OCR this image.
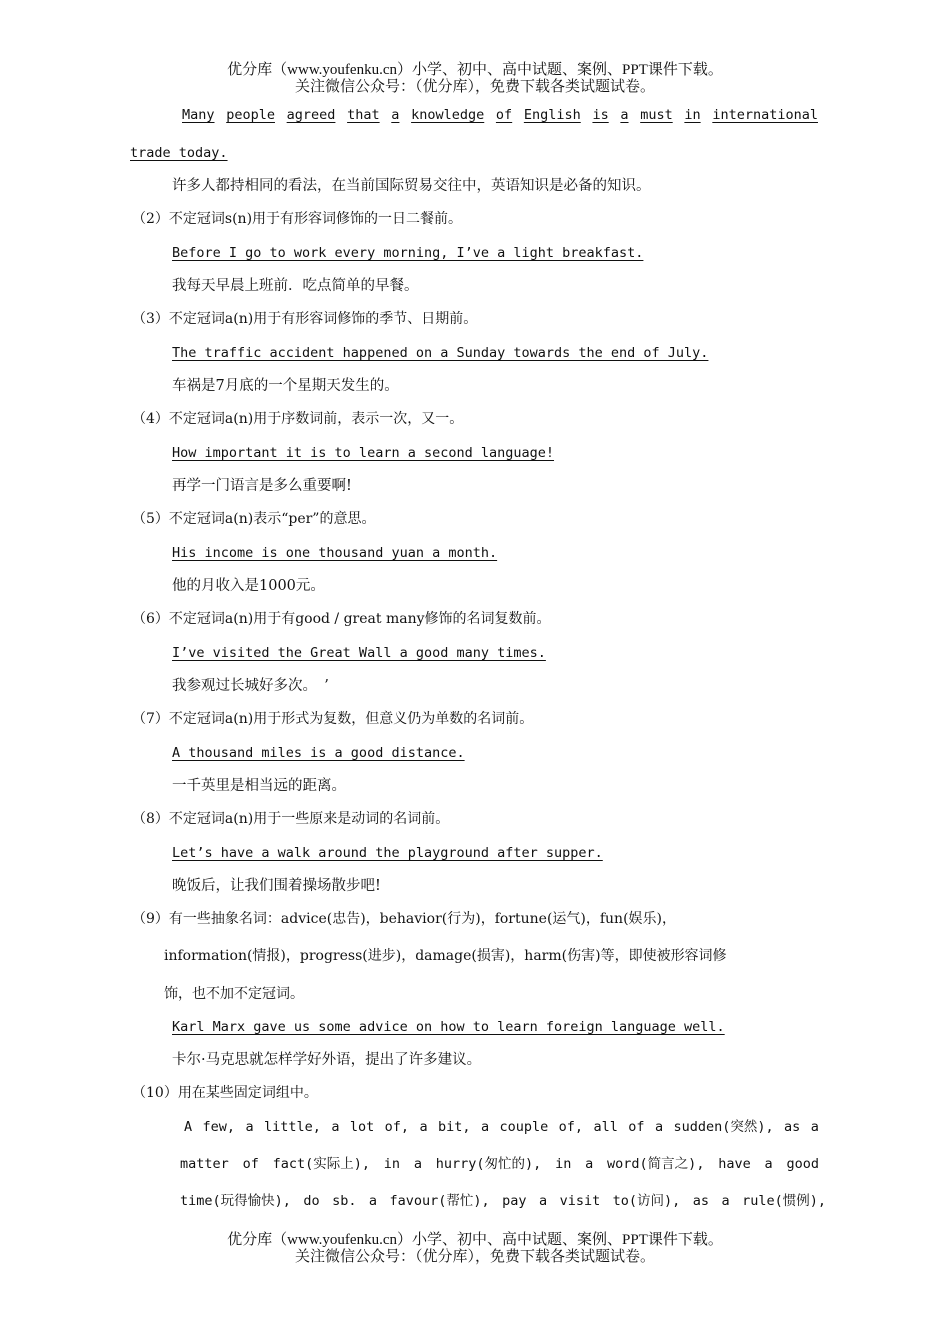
优分库（www.youfenku.cn）小学、初中、高中试题、案例、PPT课件下载。
关注微信公众号：（优分库），免费下载各类试题试卷。
Many people agreed that a knowledge of English is a must in international
trade today.
许多人都持相同的看法，在当前国际贸易交往中，英语知识是必备的知识。
（2）不定冠词s(n)用于有形容词修饰的一日二餐前。
Before I go to work every morning, I’ve a light breakfast.
我每天早晨上班前．吃点简单的早餐。
（3）不定冠词a(n)用于有形容词修饰的季节、日期前。
The traffic accident happened on a Sunday towards the end of July.
车祸是7月底的一个星期天发生的。
（4）不定冠词a(n)用于序数词前，表示一次，又一。
How important it is to learn a second language!
再学一门语言是多么重要啊!
（5）不定冠词a(n)表示“per”的意思。
His income is one thousand yuan a month.
他的月收入是1000元。
（6）不定冠词a(n)用于有good / great many修饰的名词复数前。
I’ve visited the Great Wall a good many times.
我参观过长城好多次。　’
（7）不定冠词a(n)用于形式为复数，但意义仍为单数的名词前。
A thousand miles is a good distance.
一千英里是相当远的距离。
（8）不定冠词a(n)用于一些原来是动词的名词前。
Let’s have a walk around the playground after supper.
晚饭后，让我们围着操场散步吧!
（9）有一些抽象名词：advice(忠告)，behavior(行为)，fortune(运气)，fun(娱乐)，
information(情报)，progress(进步)，damage(损害)，harm(伤害)等，即使被形容词修
饰，也不加不定冠词。
Karl Marx gave us some advice on how to learn foreign language well.
卡尔·马克思就怎样学好外语，提出了许多建议。
（10）用在某些固定词组中。
A few, a little, a lot of, a bit, a couple of, all of a sudden(突然), as a
matter of fact(实际上), in a hurry(匆忙的), in a word(简言之), have a good
time(玩得愉快), do sb. a favour(帮忙), pay a visit to(访问), as a rule(惯例),
优分库（www.youfenku.cn）小学、初中、高中试题、案例、PPT课件下载。
关注微信公众号：（优分库），免费下载各类试题试卷。
